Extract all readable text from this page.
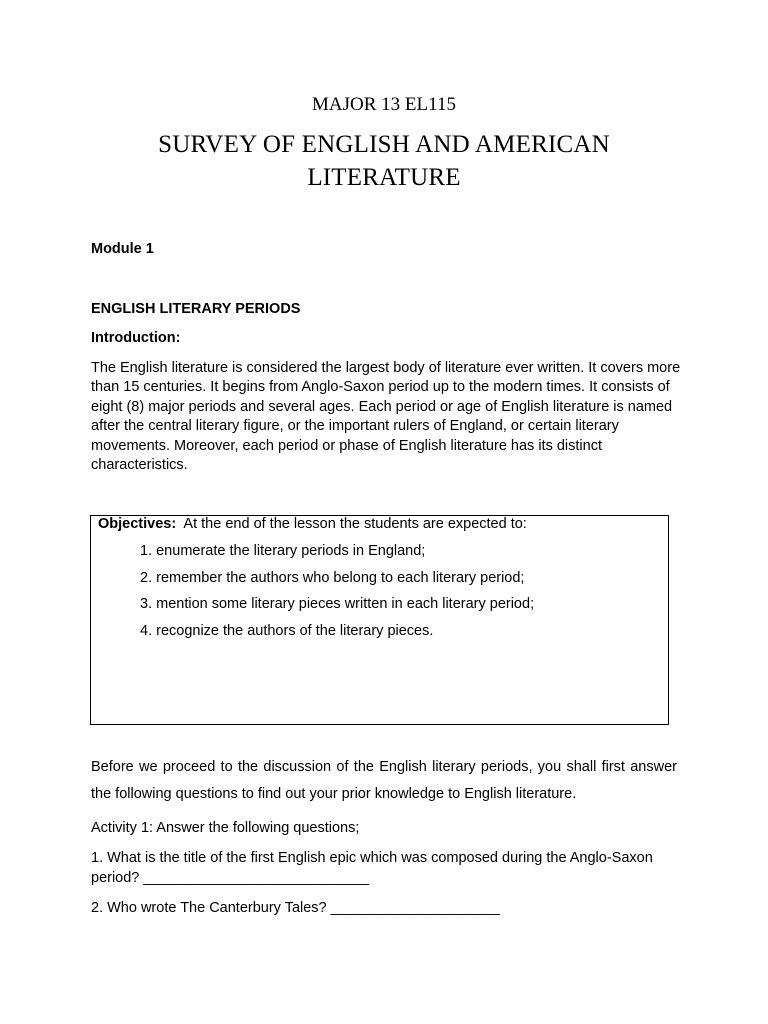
MAJOR 13 EL115
SURVEY OF ENGLISH AND AMERICAN LITERATURE
Module 1
ENGLISH LITERARY PERIODS
Introduction:

The English literature is considered the largest body of literature ever written. It covers more than 15 centuries. It begins from Anglo-Saxon period up to the modern times. It consists of eight (8) major periods and several ages. Each period or age of English literature is named after the central literary figure, or the important rulers of England, or certain literary movements. Moreover, each period or phase of English literature has its distinct characteristics.

Objectives:  At the end of the lesson the students are expected to:
1. enumerate the literary periods in England;
2. remember the authors who belong to each literary period;
3. mention some literary pieces written in each literary period;
4. recognize the authors of the literary pieces.

Before we proceed to the discussion of the English literary periods, you shall first answer the following questions to find out your prior knowledge to English literature.

Activity 1: Answer the following questions;

1. What is the title of the first English epic which was composed during the Anglo-Saxon period? ____________________________

2. Who wrote The Canterbury Tales? _____________________
